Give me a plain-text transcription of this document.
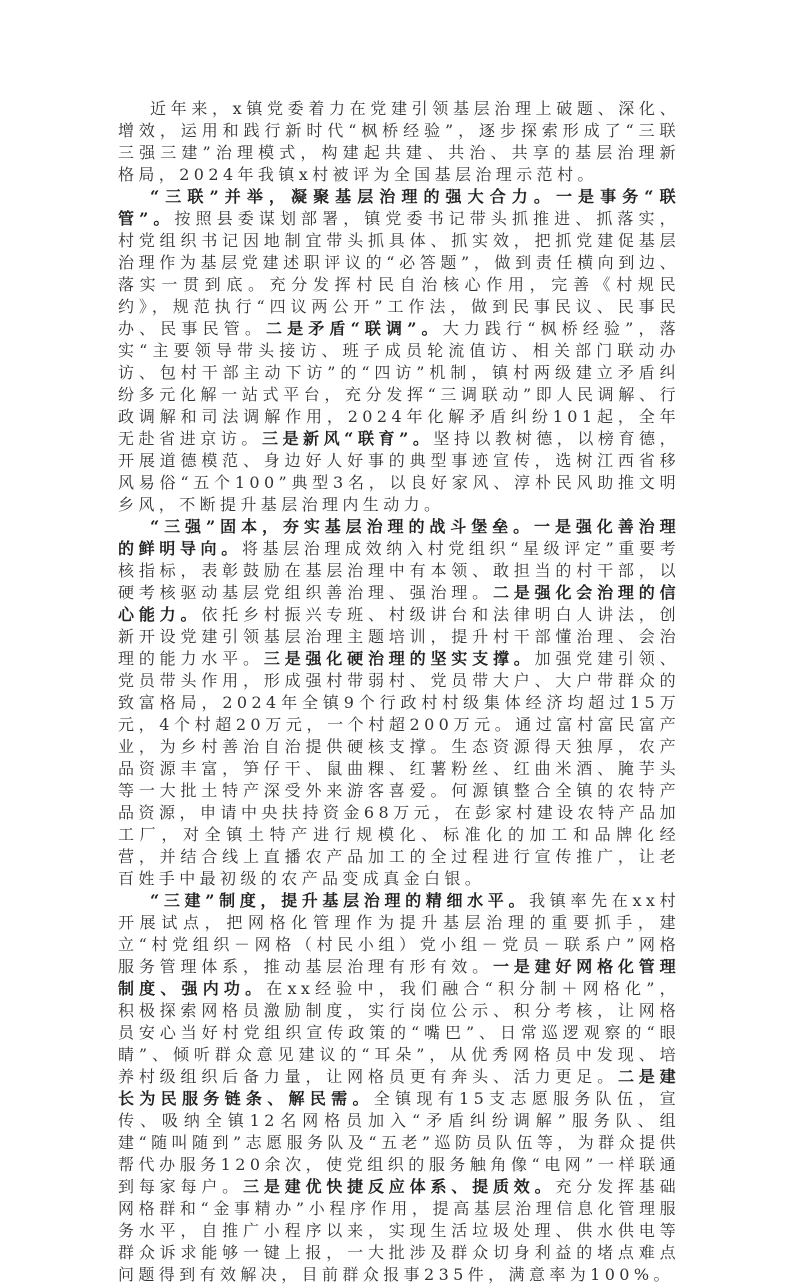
近年来，x镇党委着力在党建引领基层治理上破题、深化、增效，运用和践行新时代“枫桥经验”，逐步探索形成了“三联三强三建”治理模式，构建起共建、共治、共享的基层治理新格局，2024年我镇x村被评为全国基层治理示范村。

“三联”并举，凝聚基层治理的强大合力。一是事务“联管”。按照县委谋划部署，镇党委书记带头抓推进、抓落实，村党组织书记因地制宜带头抓具体、抓实效，把抓党建促基层治理作为基层党建述职评议的“必答题”，做到责任横向到边、落实一贯到底。充分发挥村民自治核心作用，完善《村规民约》，规范执行“四议两公开”工作法，做到民事民议、民事民办、民事民管。二是矛盾“联调”。大力践行“枫桥经验”，落实“主要领导带头接访、班子成员轮流值访、相关部门联动办访、包村干部主动下访”的“四访”机制，镇村两级建立矛盾纠纷多元化解一站式平台，充分发挥“三调联动”即人民调解、行政调解和司法调解作用，2024年化解矛盾纠纷101起，全年无赴省进京访。三是新风“联育”。坚持以教树德，以榜育德，开展道德模范、身边好人好事的典型事迹宣传，选树江西省移风易俗“五个100”典型3名，以良好家风、淳朴民风助推文明乡风，不断提升基层治理内生动力。

“三强”固本，夯实基层治理的战斗堡垒。一是强化善治理的鲜明导向。将基层治理成效纳入村党组织“星级评定”重要考核指标，表彰鼓励在基层治理中有本领、敢担当的村干部，以硬考核驱动基层党组织善治理、强治理。二是强化会治理的信心能力。依托乡村振兴专班、村级讲台和法律明白人讲法，创新开设党建引领基层治理主题培训，提升村干部懂治理、会治理的能力水平。三是强化硬治理的坚实支撑。加强党建引领、党员带头作用，形成强村带弱村、党员带大户、大户带群众的致富格局，2024年全镇9个行政村村级集体经济均超过15万元，4个村超20万元，一个村超200万元。通过富村富民富产业，为乡村善治自治提供硬核支撑。生态资源得天独厚，农产品资源丰富，笋仔干、鼠曲粿、红薯粉丝、红曲米酒、腌芋头等一大批土特产深受外来游客喜爱。何源镇整合全镇的农特产品资源，申请中央扶持资金68万元，在彭家村建设农特产品加工厂，对全镇土特产进行规模化、标准化的加工和品牌化经营，并结合线上直播农产品加工的全过程进行宣传推广，让老百姓手中最初级的农产品变成真金白银。

“三建”制度，提升基层治理的精细水平。我镇率先在xx村开展试点，把网格化管理作为提升基层治理的重要抓手，建立“村党组织－网格（村民小组）党小组－党员－联系户”网格服务管理体系，推动基层治理有形有效。一是建好网格化管理制度、强内功。在xx经验中，我们融合“积分制＋网格化”，积极探索网格员激励制度，实行岗位公示、积分考核，让网格员安心当好村党组织宣传政策的“嘴巴”、日常巡逻观察的“眼睛”、倾听群众意见建议的“耳朵”，从优秀网格员中发现、培养村级组织后备力量，让网格员更有奔头、活力更足。二是建长为民服务链条、解民需。全镇现有15支志愿服务队伍，宣传、吸纳全镇12名网格员加入“矛盾纠纷调解”服务队、组建“随叫随到”志愿服务队及“五老”巡防员队伍等，为群众提供帮代办服务120余次，使党组织的服务触角像“电网”一样联通到每家每户。三是建优快捷反应体系、提质效。充分发挥基础网格群和“金事精办”小程序作用，提高基层治理信息化管理服务水平，自推广小程序以来，实现生活垃圾处理、供水供电等群众诉求能够一键上报，一大批涉及群众切身利益的堵点难点问题得到有效解决，目前群众报事235件，满意率为100%。
